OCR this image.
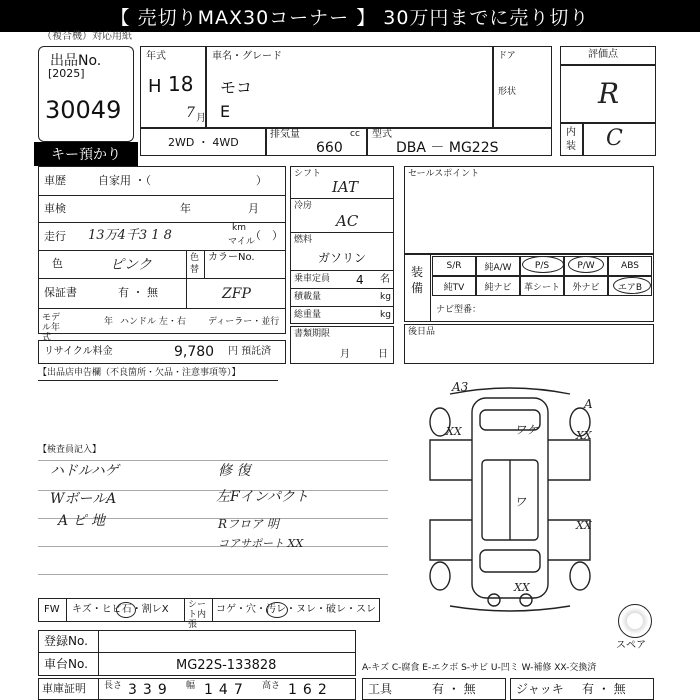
【 売切りMAX30コーナー 】 30万円までに売り切り
（複合機）対応用紙
出品No.
[2025]
30049
キー預かり
年式
H 18
7 月
車名・グレード
モコ
E
ドア
形状
評価点
R
内装 C
2WD ・ 4WD
排気量	cc
660
型式
DBA － MG22S
車歴	自家用 ・（	）
車検	年	月
走行 13万4千3 1 8	km
マイル
（　）
色	ピンク	色替
カラーNo.
ZFP
保証書	有 ・ 無
モデル年式
年 ハンドル 左・右 ディーラー・並行
シフト
IAT
冷房
AC
燃料
ガソリン
乗車定員 4 名
積載量	kg
総重量	kg
セールスポイント
装備
S/R	純A/W	P/S	P/W	ABS
純TV	純ナビ	革シート	外ナビ	エアB
ナビ型番：
リサイクル料金	9,780 円 預託済
書類期限
月	日
後日品
【出品店申告欄（不良箇所・欠品・注意事項等）】
【検査員記入】
ハドルハゲ
WボールA
A ピ 地
修 復
左Fインパクト
Rフロア 明
コアサポート XX
A3
XX	ワケ	XX
A
XX
ワ
XX
スペア
FW キズ・ヒビ石・割レX シート内張
コゲ・穴・汚レ・ヌレ・破レ・スレ
登録No.
車台No.	MG22S-133828	A-キズ C-腐食 E-エクボ S-サビ U-凹ミ W-補修 XX-交換済
車庫証明 長さ 339 幅 147 高さ 162	工具	有 ・ 無	ジャッキ 有 ・ 無
